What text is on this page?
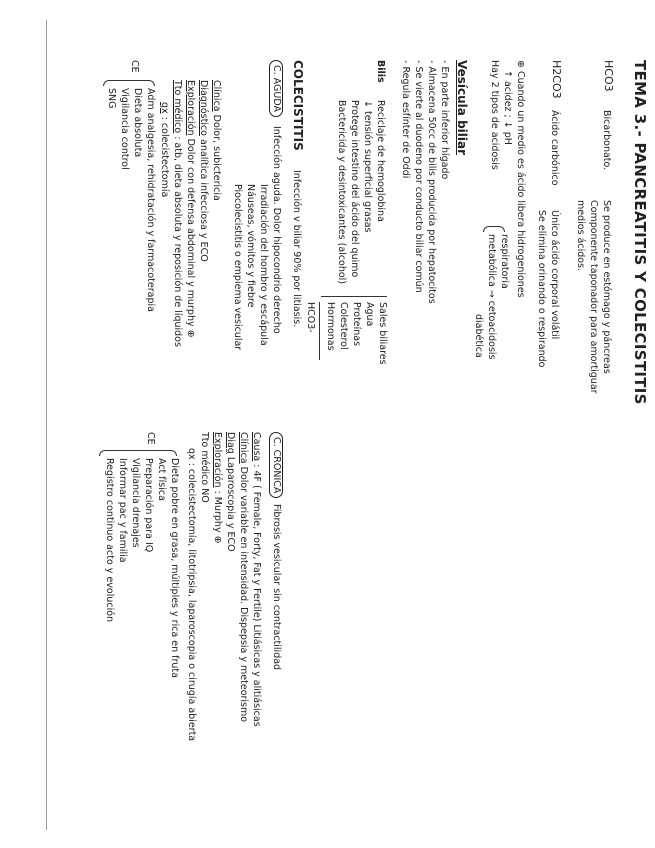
TEMA 3.- PANCREATITIS Y COLECISTITIS
HCO3
Bicarbonato.
Se produce en estómago y páncreas
Componente taponador para amortiguar
medios ácidos.
H2CO3
Ácido carbónico
Único ácido corporal volátil
Se elimina orinando o respirando
⊕ Cuando un medio es ácido libera hidrogeniones
↑ acidez ; ↓ pH
Hay 2 tipos de acidosis
respiratoria
metabólica → cetoacidosis
diabética
Vesícula biliar
- En parte inferior hígado
- Almacena 50cc de bilis producida por hepatocitos
- Se vierte al duodeno por conducto biliar común
- Regula esfínter de Oddi
Bilis
Reciclaje de hemoglobina
↓ tensión superficial grasas
Protege intestino del ácido del quimo
Bactericida y desintoxicantes (alcohol)
Sales biliares
Agua
Proteínas
Colesterol
Hormonas
HCO3-
COLECISTITIS
Infección v biliar 90% por litiasis.
C. AGUDA
Infección aguda. Dolor hipocondrio derecho
Irradiación del hombro y escápula
Náuseas, vómitos y fiebre
Piocolecistitis o empiema vesicular
Clínica Dolor, subictericia
Diagnóstico analítica infecciosa y ECO
Exploración Dolor con defensa abdominal y murphy ⊕
Tto médico : atb, dieta absoluta y reposición de líquidos
qx : colecistectomía
CE
Adm analgesia, rehidratación y farmacoterapia
Dieta absoluta
Vigilancia control
SNG
C. CRÓNICA
Fibrosis vesicular sin contractilidad
Causa : 4F ( Female, Forty, Fat y Fertile) Litiásicas y alitiásicas
Clínica Dolor variable en intensidad. Dispepsia y meteorismo
Diag Laparoscopia y ECO
Exploración : Murphy ⊕
Tto médico NO
qx : colecistectomía, litotripsia, laparoscopia o cirugía abierta
CE
Dieta pobre en grasa, múltiples y rica en fruta
Act física
Preparación para IQ
Vigilancia drenajes
Informar pac y familia
Registro continuo acto y evolución
